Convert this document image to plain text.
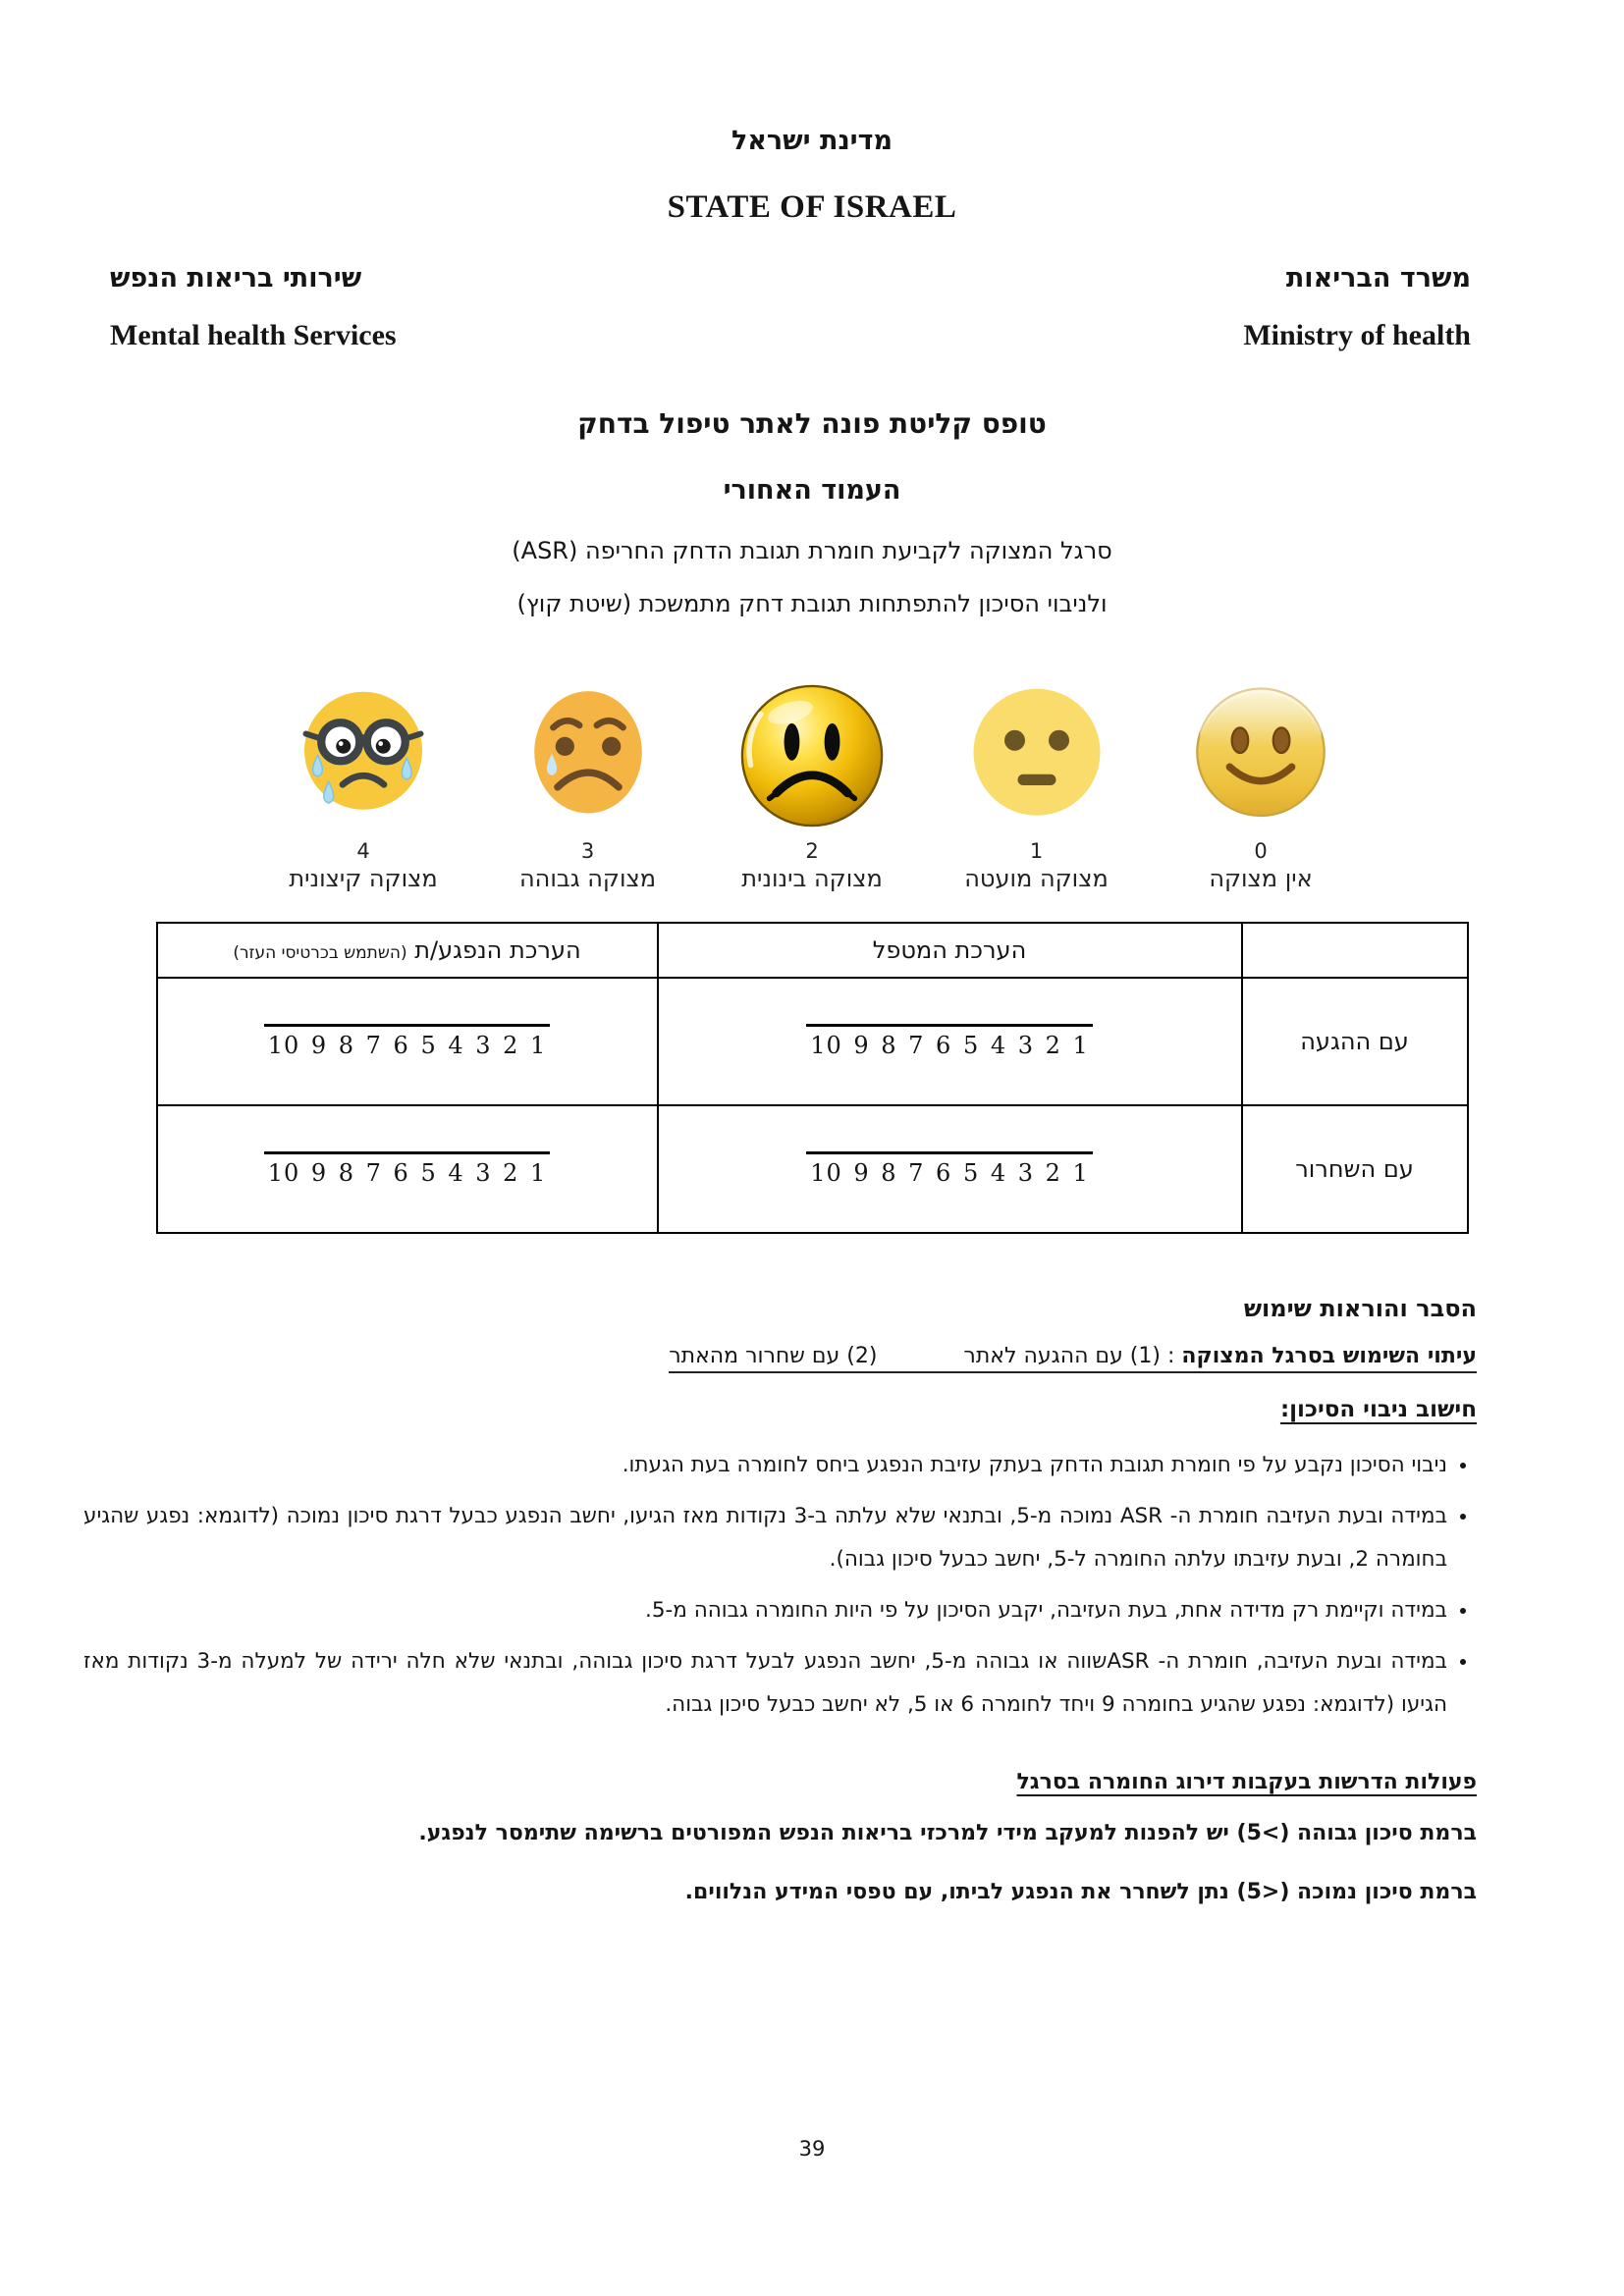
מדינת ישראל
STATE OF ISRAEL
משרד הבריאות
Ministry of health
שירותי בריאות הנפש
Mental health Services
טופס קליטת פונה לאתר טיפול בדחק
העמוד האחורי
סרגל המצוקה לקביעת חומרת תגובת הדחק החריפה (ASR)
ולניבוי הסיכון להתפתחות תגובת דחק מתמשכת (שיטת קוץ)
4
מצוקה קיצונית
3
מצוקה גבוהה
2
מצוקה בינונית
1
מצוקה מועטה
0
אין מצוקה
	הערכת המטפל	הערכת הנפגע/ת (השתמש בכרטיסי העזר)
עם ההגעה	10 9 8 7 6 5 4 3 2 1	10 9 8 7 6 5 4 3 2 1
עם השחרור	10 9 8 7 6 5 4 3 2 1	10 9 8 7 6 5 4 3 2 1
הסבר והוראות שימוש
עיתוי השימוש בסרגל המצוקה : (1) עם ההגעה לאתר(2) עם שחרור מהאתר
חישוב ניבוי הסיכון:
• ניבוי הסיכון נקבע על פי חומרת תגובת הדחק בעתק עזיבת הנפגע ביחס לחומרה בעת הגעתו.
• במידה ובעת העזיבה חומרת ה- ASR נמוכה מ-5, ובתנאי שלא עלתה ב-3 נקודות מאז הגיעו, יחשב הנפגע כבעל דרגת סיכון נמוכה (לדוגמא: נפגע שהגיע בחומרה 2, ובעת עזיבתו עלתה החומרה ל-5, יחשב כבעל סיכון גבוה).
• במידה וקיימת רק מדידה אחת, בעת העזיבה, יקבע הסיכון על פי היות החומרה גבוהה מ-5.
• במידה ובעת העזיבה, חומרת ה- ASRשווה או גבוהה מ-5, יחשב הנפגע לבעל דרגת סיכון גבוהה, ובתנאי שלא חלה ירידה של למעלה מ-3 נקודות מאז הגיעו (לדוגמא: נפגע שהגיע בחומרה 9 ויחד לחומרה 6 או 5, לא יחשב כבעל סיכון גבוה.
פעולות הדרשות בעקבות דירוג החומרה בסרגל
ברמת סיכון גבוהה ‭(5<)‬ יש להפנות למעקב מידי למרכזי בריאות הנפש המפורטים ברשימה שתימסר לנפגע.
ברמת סיכון נמוכה ‭(5>)‬ נתן לשחרר את הנפגע לביתו, עם טפסי המידע הנלווים.
39
